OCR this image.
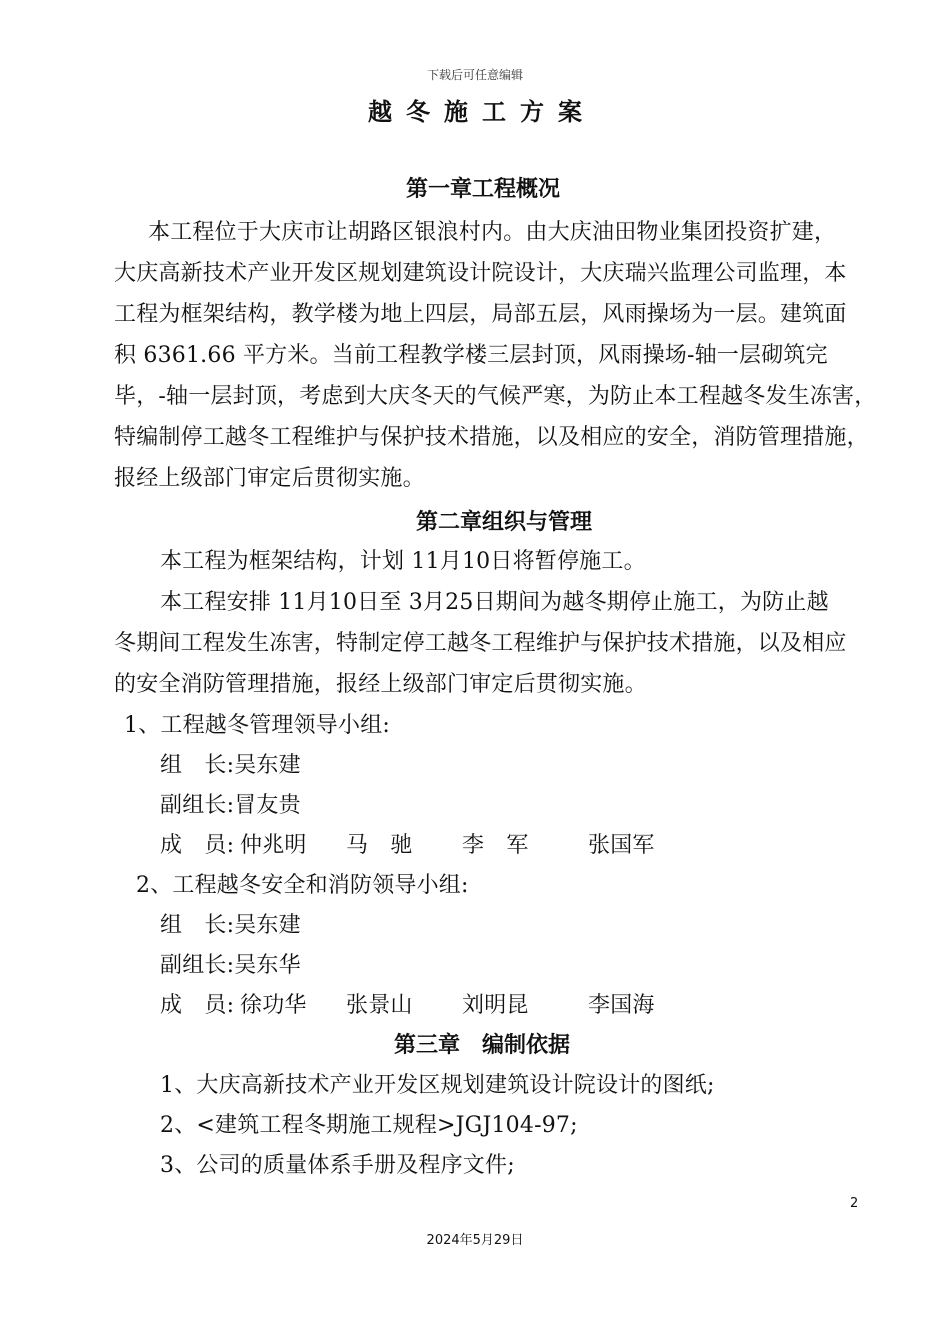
下载后可任意编辑
越冬施工方案
第一章工程概况
本工程位于大庆市让胡路区银浪村内。由大庆油田物业集团投资扩建，
大庆高新技术产业开发区规划建筑设计院设计，大庆瑞兴监理公司监理，本
工程为框架结构，教学楼为地上四层，局部五层，风雨操场为一层。建筑面
积 6361.66 平方米。当前工程教学楼三层封顶，风雨操场-轴一层砌筑完
毕，-轴一层封顶，考虑到大庆冬天的气候严寒，为防止本工程越冬发生冻害，
特编制停工越冬工程维护与保护技术措施，以及相应的安全，消防管理措施，
报经上级部门审定后贯彻实施。
第二章组织与管理
本工程为框架结构，计划 11月10日将暂停施工。
本工程安排 11月10日至 3月25日期间为越冬期停止施工，为防止越
冬期间工程发生冻害，特制定停工越冬工程维护与保护技术措施，以及相应
的安全消防管理措施，报经上级部门审定后贯彻实施。
1、工程越冬管理领导小组:
组　长:吴东建
副组长:冒友贵
成　员: 仲兆明 马　驰 李　军	张国军
2、工程越冬安全和消防领导小组:
组　长:吴东建
副组长:吴东华
成　员: 徐功华 张景山 刘明昆	李国海
第三章　编制依据
1、大庆高新技术产业开发区规划建筑设计院设计的图纸;
2、<建筑工程冬期施工规程>JGJ104-97;
3、公司的质量体系手册及程序文件;
2
2024年5月29日
